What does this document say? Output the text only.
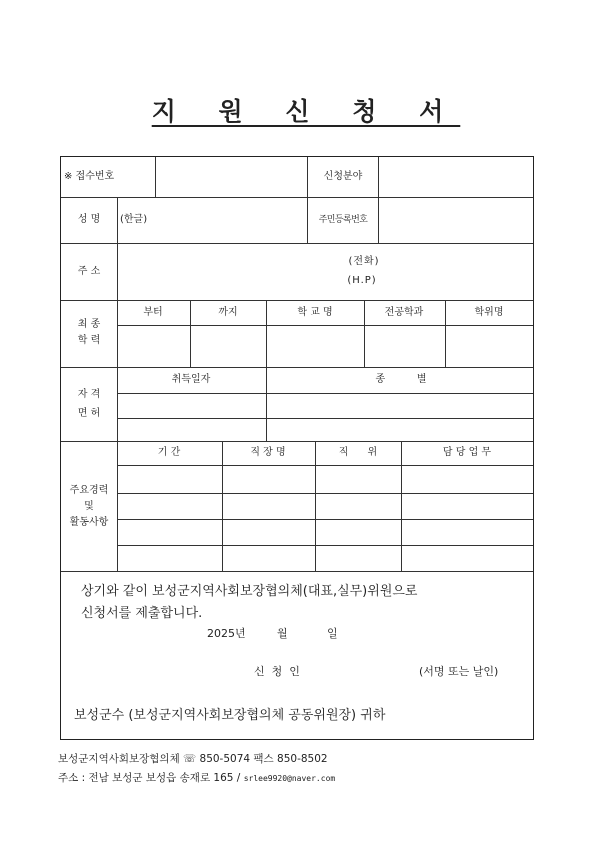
지 원 신 청 서
※ 접수번호	신청분야
성 명 (한글)	주민등록번호
주 소
(전화)
(H.P)
최 종
학 력
부터	까지	학 교 명	전공학과	학위명
자 격
면 허
취득일자	종          별
주요경력
및
활동사항
기 간	직 장 명	직      위	담 당 업 무
상기와 같이 보성군지역사회보장협의체(대표,실무)위원으로
신청서를 제출합니다.
2025년	월	일
신  청  인	(서명 또는 날인)
보성군수 (보성군지역사회보장협의체 공동위원장) 귀하
보성군지역사회보장협의체 ☏ 850-5074 팩스 850-8502
주소 : 전남 보성군 보성읍 송재로 165 / srlee9920@naver.com
